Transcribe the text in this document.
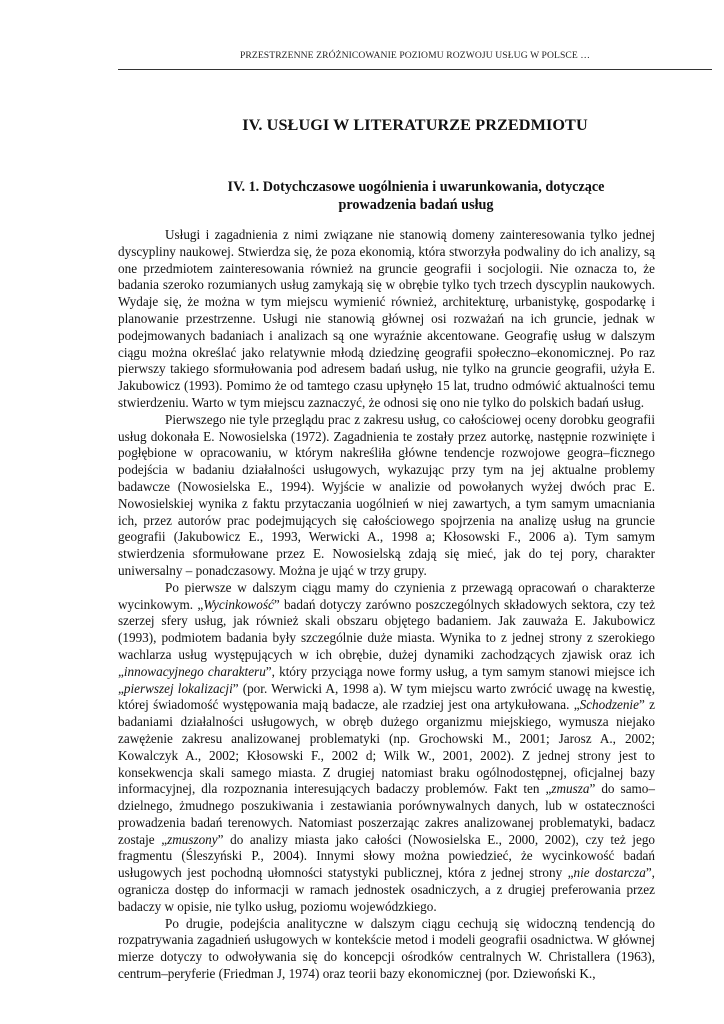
PRZESTRZENNE ZRÓŻNICOWANIE POZIOMU ROZWOJU USŁUG W POLSCE …
IV. USŁUGI W LITERATURZE PRZEDMIOTU
IV. 1. Dotychczasowe uogólnienia i uwarunkowania, dotyczące
prowadzenia badań usług

Usługi i zagadnienia z nimi związane nie stanowią domeny zainteresowania tylko jednej dyscypliny naukowej. Stwierdza się, że poza ekonomią, która stworzyła podwaliny do ich analizy, są one przedmiotem zainteresowania również na gruncie geografii i socjologii. Nie oznacza to, że badania szeroko rozumianych usług zamykają się w obrębie tylko tych trzech dyscyplin naukowych. Wydaje się, że można w tym miejscu wymienić również, architekturę, urbanistykę, gospodarkę i planowanie przestrzenne. Usługi nie stanowią głównej osi rozważań na ich gruncie, jednak w podejmowanych badaniach i analizach są one wyraźnie akcentowane. Geografię usług w dalszym ciągu można określać jako relatywnie młodą dziedzinę geografii społeczno–ekonomicznej. Po raz pierwszy takiego sformułowania pod adresem badań usług, nie tylko na gruncie geografii, użyła E. Jakubowicz (1993). Pomimo że od tamtego czasu upłynęło 15 lat, trudno odmówić aktualności temu stwierdzeniu. Warto w tym miejscu zaznaczyć, że odnosi się ono nie tylko do polskich badań usług.

Pierwszego nie tyle przeglądu prac z zakresu usług, co całościowej oceny dorobku geografii usług dokonała E. Nowosielska (1972). Zagadnienia te zostały przez autorkę, następnie rozwinięte i pogłębione w opracowaniu, w którym nakreśliła główne tendencje rozwojowe geogra–ficznego podejścia w badaniu działalności usługowych, wykazując przy tym na jej aktualne problemy badawcze (Nowosielska E., 1994). Wyjście w analizie od powołanych wyżej dwóch prac E. Nowosielskiej wynika z faktu przytaczania uogólnień w niej zawartych, a tym samym umacniania ich, przez autorów prac podejmujących się całościowego spojrzenia na analizę usług na gruncie geografii (Jakubowicz E., 1993, Werwicki A., 1998 a; Kłosowski F., 2006 a). Tym samym stwierdzenia sformułowane przez E. Nowosielską zdają się mieć, jak do tej pory, charakter uniwersalny – ponadczasowy. Można je ująć w trzy grupy.

Po pierwsze w dalszym ciągu mamy do czynienia z przewagą opracowań o charakterze wycinkowym. „Wycinkowość” badań dotyczy zarówno poszczególnych składowych sektora, czy też szerzej sfery usług, jak również skali obszaru objętego badaniem. Jak zauważa E. Jakubowicz (1993), podmiotem badania były szczególnie duże miasta. Wynika to z jednej strony z szerokiego wachlarza usług występujących w ich obrębie, dużej dynamiki zachodzących zjawisk oraz ich „innowacyjnego charakteru”, który przyciąga nowe formy usług, a tym samym stanowi miejsce ich „pierwszej lokalizacji” (por. Werwicki A, 1998 a). W tym miejscu warto zwrócić uwagę na kwestię, której świadomość występowania mają badacze, ale rzadziej jest ona artykułowana. „Schodzenie” z badaniami działalności usługowych, w obręb dużego organizmu miejskiego, wymusza niejako zawężenie zakresu analizowanej problematyki (np. Grochowski M., 2001; Jarosz A., 2002; Kowalczyk A., 2002; Kłosowski F., 2002 d; Wilk W., 2001, 2002). Z jednej strony jest to konsekwencja skali samego miasta. Z drugiej natomiast braku ogólnodostępnej, oficjalnej bazy informacyjnej, dla rozpoznania interesujących badaczy problemów. Fakt ten „zmusza” do samo–dzielnego, żmudnego poszukiwania i zestawiania porównywalnych danych, lub w ostateczności prowadzenia badań terenowych. Natomiast poszerzając zakres analizowanej problematyki, badacz zostaje „zmuszony” do analizy miasta jako całości (Nowosielska E., 2000, 2002), czy też jego fragmentu (Śleszyński P., 2004). Innymi słowy można powiedzieć, że wycinkowość badań usługowych jest pochodną ułomności statystyki publicznej, która z jednej strony „nie dostarcza”, ogranicza dostęp do informacji w ramach jednostek osadniczych, a z drugiej preferowania przez badaczy w opisie, nie tylko usług, poziomu wojewódzkiego.

Po drugie, podejścia analityczne w dalszym ciągu cechują się widoczną tendencją do rozpatrywania zagadnień usługowych w kontekście metod i modeli geografii osadnictwa. W głównej mierze dotyczy to odwoływania się do koncepcji ośrodków centralnych W. Christallera (1963), centrum–peryferie (Friedman J, 1974) oraz teorii bazy ekonomicznej (por. Dziewoński K.,
